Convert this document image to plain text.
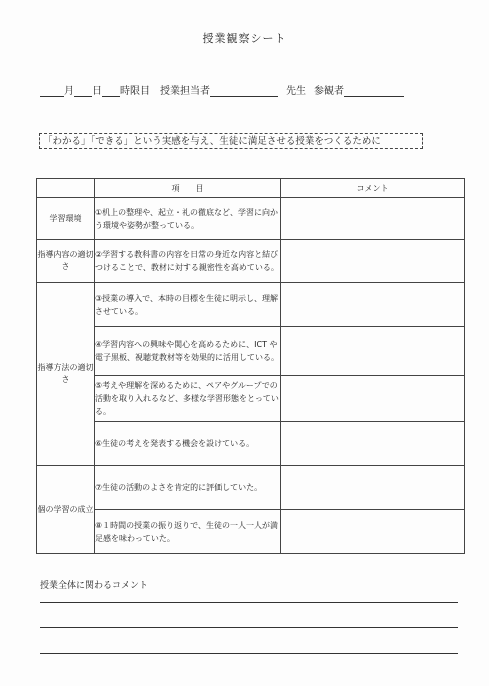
授業観察シート
月 日 時限目 授業担当者	先生 参観者
「わかる」「できる」という実感を与え、生徒に満足させる授業をつくるために
	項　　目	コメント
学習環境	①机上の整理や、起立・礼の徹底など、学習に向かう環境や姿勢が整っている。	
指導内容の適切さ	②学習する教科書の内容を日常の身近な内容と結びつけることで、教材に対する親密性を高めている。	
指導方法の適切さ	③授業の導入で、本時の目標を生徒に明示し、理解させている。	
	④学習内容への興味や関心を高めるために、ICT や電子黒板、視聴覚教材等を効果的に活用している。	
	⑤考えや理解を深めるために、ペアやグループでの活動を取り入れるなど、多様な学習形態をとっている。	
	⑥生徒の考えを発表する機会を設けている。	
個の学習の成立	⑦生徒の活動のよさを肯定的に評価していた。	
	⑧１時間の授業の振り返りで、生徒の一人一人が満足感を味わっていた。	
授業全体に関わるコメント
